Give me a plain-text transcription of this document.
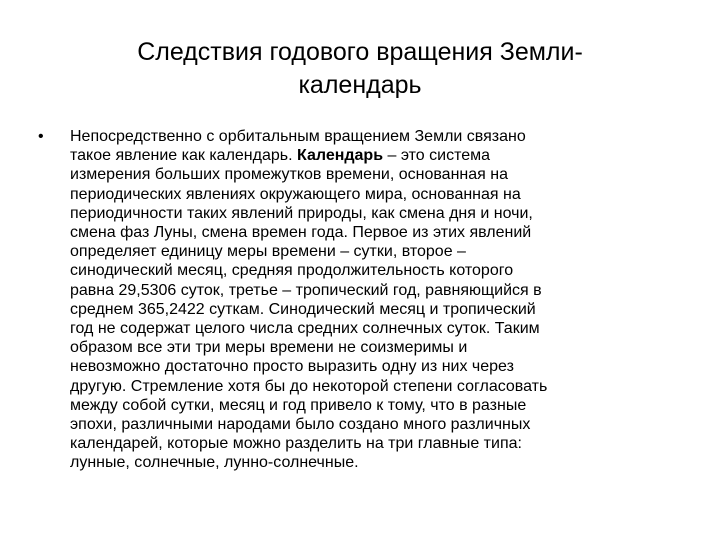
Следствия годового вращения Земли-
календарь
•	Непосредственно с орбитальным вращением Земли связано
такое явление как календарь. Календарь – это система
измерения больших промежутков времени, основанная на
периодических явлениях окружающего мира, основанная на
периодичности таких явлений природы, как смена дня и ночи,
смена фаз Луны, смена времен года. Первое из этих явлений
определяет единицу меры времени – сутки, второе –
синодический месяц, средняя продолжительность которого
равна 29,5306 суток, третье – тропический год, равняющийся в
среднем 365,2422 суткам. Синодический месяц и тропический
год не содержат целого числа средних солнечных суток. Таким
образом все эти три меры времени не соизмеримы и
невозможно достаточно просто выразить одну из них через
другую. Стремление хотя бы до некоторой степени согласовать
между собой сутки, месяц и год привело к тому, что в разные
эпохи, различными народами было создано много различных
календарей, которые можно разделить на три главные типа:
лунные, солнечные, лунно-солнечные.
